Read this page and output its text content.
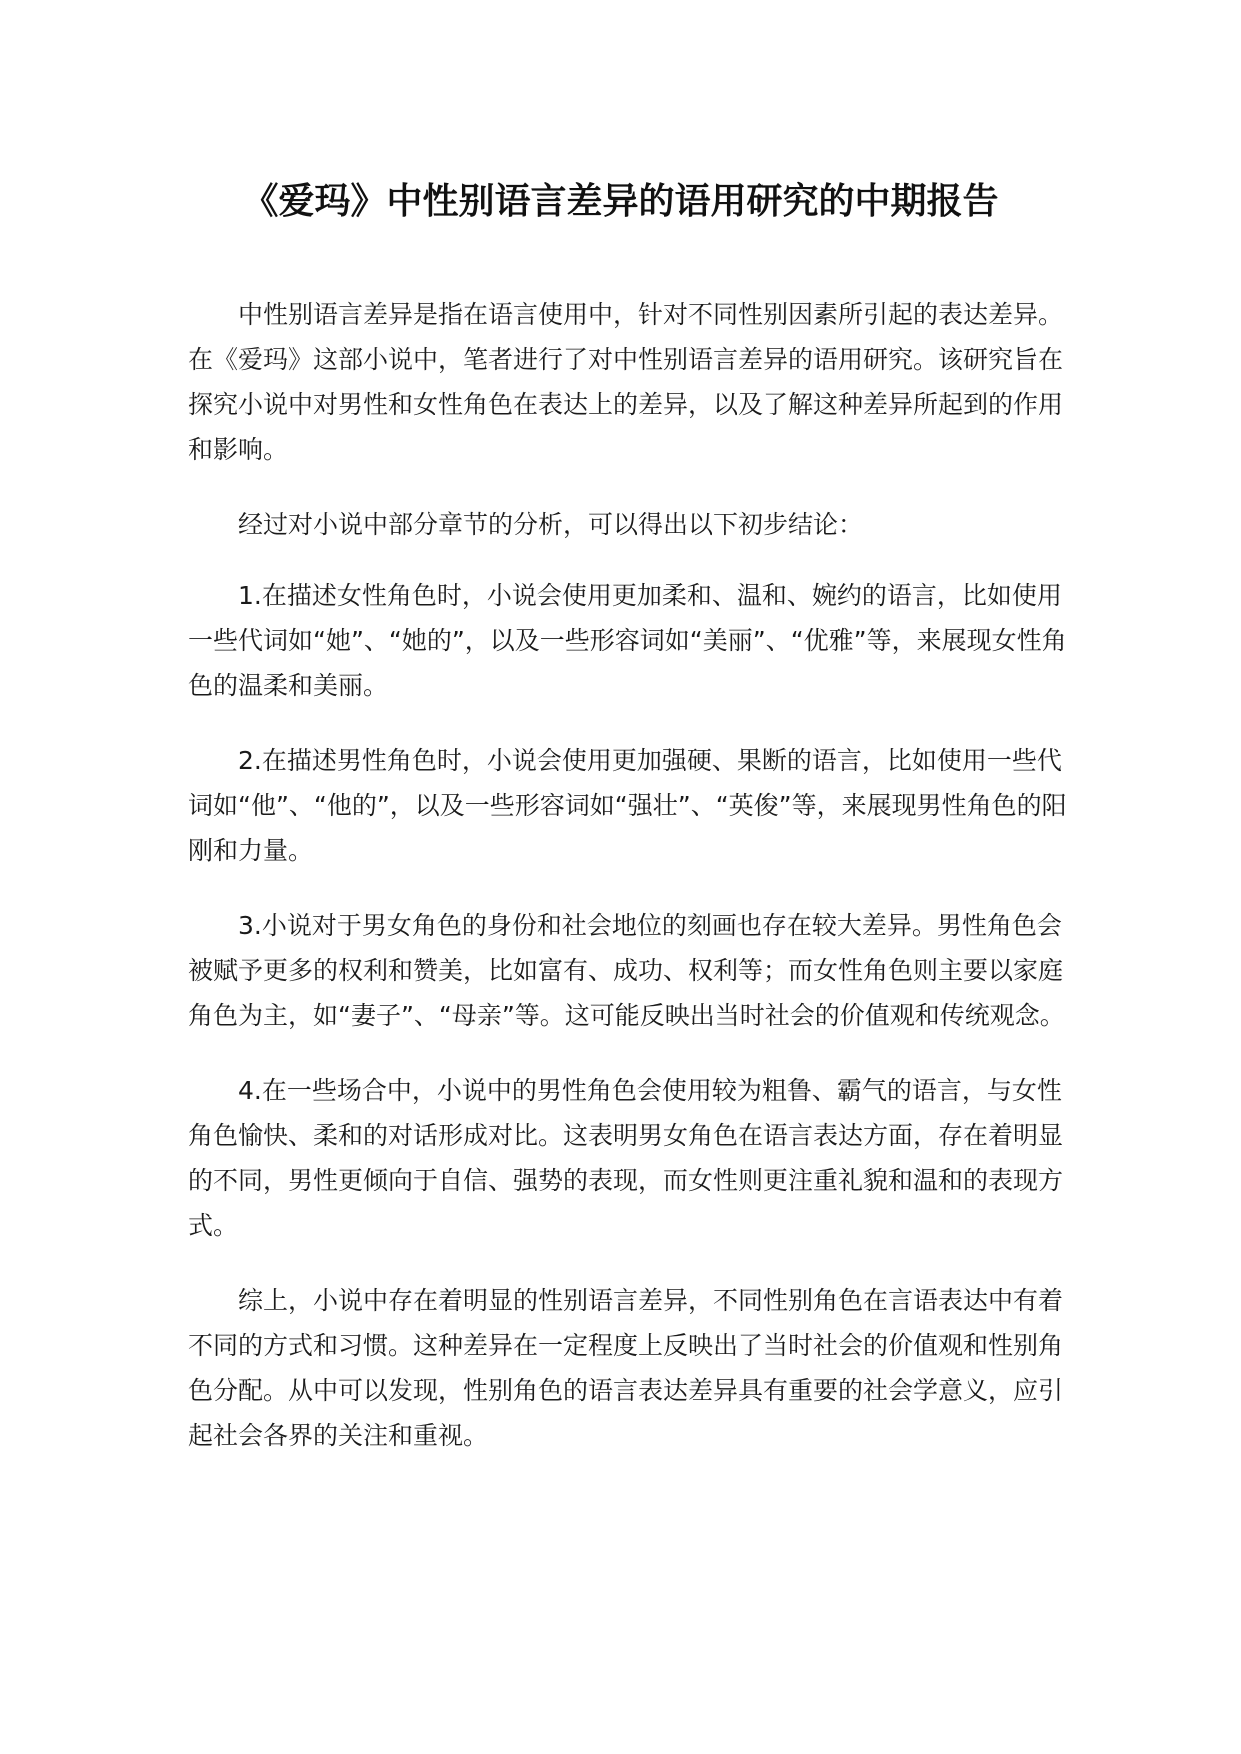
《爱玛》中性别语言差异的语用研究的中期报告

中性别语言差异是指在语言使用中，针对不同性别因素所引起的表达差异。在《爱玛》这部小说中，笔者进行了对中性别语言差异的语用研究。该研究旨在探究小说中对男性和女性角色在表达上的差异，以及了解这种差异所起到的作用和影响。

经过对小说中部分章节的分析，可以得出以下初步结论：

1.在描述女性角色时，小说会使用更加柔和、温和、婉约的语言，比如使用一些代词如“她”、“她的”，以及一些形容词如“美丽”、“优雅”等，来展现女性角色的温柔和美丽。

2.在描述男性角色时，小说会使用更加强硬、果断的语言，比如使用一些代词如“他”、“他的”，以及一些形容词如“强壮”、“英俊”等，来展现男性角色的阳刚和力量。

3.小说对于男女角色的身份和社会地位的刻画也存在较大差异。男性角色会被赋予更多的权利和赞美，比如富有、成功、权利等；而女性角色则主要以家庭角色为主，如“妻子”、“母亲”等。这可能反映出当时社会的价值观和传统观念。

4.在一些场合中，小说中的男性角色会使用较为粗鲁、霸气的语言，与女性角色愉快、柔和的对话形成对比。这表明男女角色在语言表达方面，存在着明显的不同，男性更倾向于自信、强势的表现，而女性则更注重礼貌和温和的表现方式。

综上，小说中存在着明显的性别语言差异，不同性别角色在言语表达中有着不同的方式和习惯。这种差异在一定程度上反映出了当时社会的价值观和性别角色分配。从中可以发现，性别角色的语言表达差异具有重要的社会学意义，应引起社会各界的关注和重视。
